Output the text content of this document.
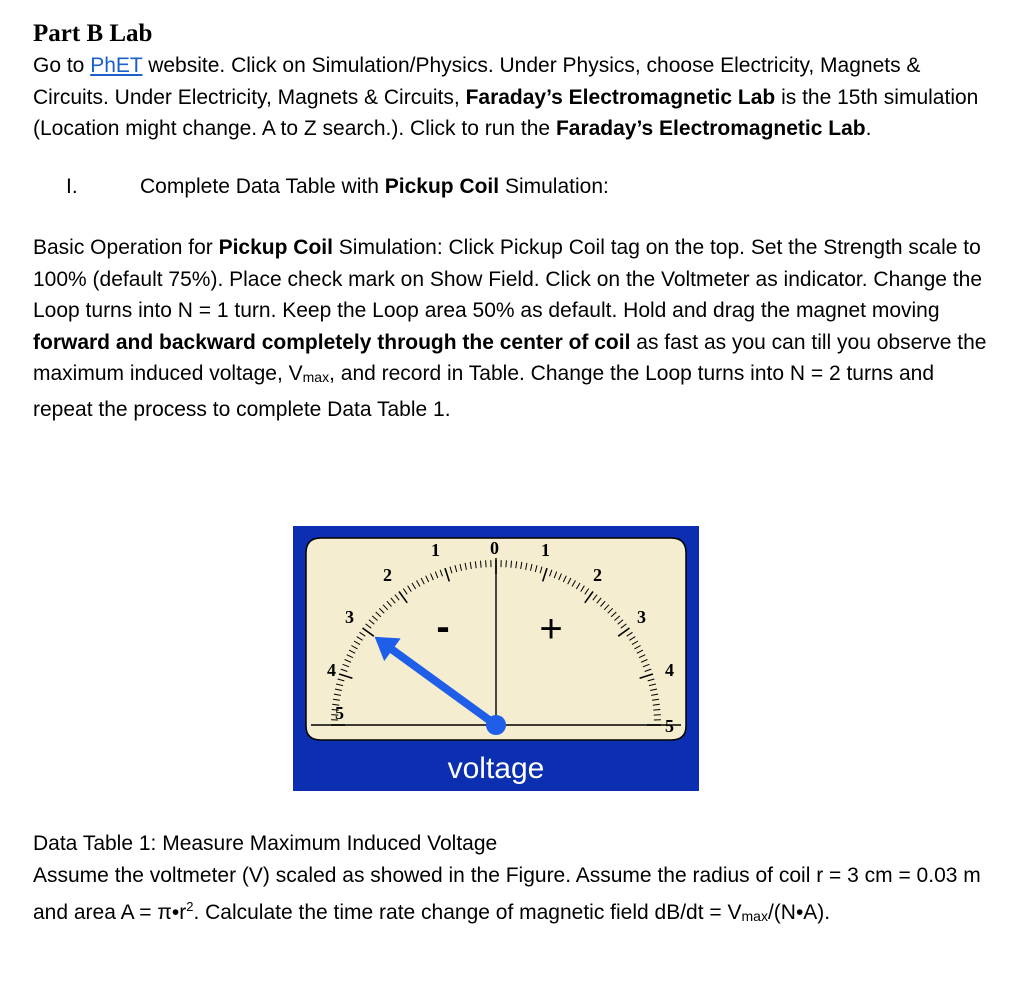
Part B Lab

Go to PhET website. Click on Simulation/Physics. Under Physics, choose Electricity, Magnets & Circuits. Under Electricity, Magnets & Circuits, Faraday’s Electromagnetic Lab is the 15th simulation (Location might change. A to Z search.). Click to run the Faraday’s Electromagnetic Lab.

I.	Complete Data Table with Pickup Coil Simulation:

Basic Operation for Pickup Coil Simulation: Click Pickup Coil tag on the top. Set the Strength scale to 100% (default 75%). Place check mark on Show Field. Click on the Voltmeter as indicator. Change the Loop turns into N = 1 turn. Keep the Loop area 50% as default. Hold and drag the magnet moving forward and backward completely through the center of coil as fast as you can till you observe the maximum induced voltage, $V_{max}$, and record in Table. Change the Loop turns into N = 2 turns and repeat the process to complete Data Table 1.

5
4
3
2
1	0 1
2
3
4
5
- +
voltage

Data Table 1: Measure Maximum Induced Voltage

Assume the voltmeter (V) scaled as showed in the Figure. Assume the radius of coil r = 3 cm = 0.03 m and area $A = \pi•r^2$. Calculate the time rate change of magnetic field $dB/dt = V_{max}/(N•A)$.
